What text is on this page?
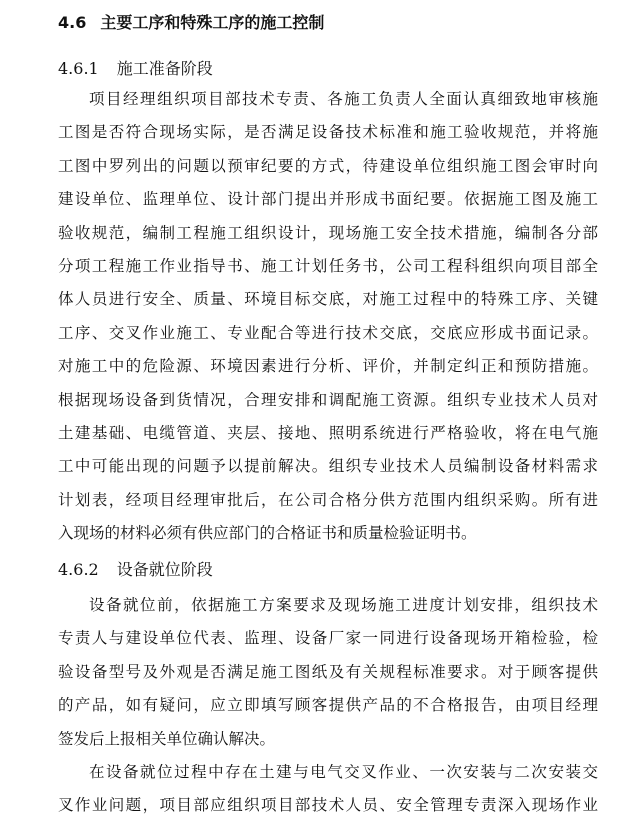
4.6 主要工序和特殊工序的施工控制
4.6.1 施工准备阶段
项目经理组织项目部技术专责、各施工负责人全面认真细致地审核施
工图是否符合现场实际，是否满足设备技术标准和施工验收规范，并将施
工图中罗列出的问题以预审纪要的方式，待建设单位组织施工图会审时向
建设单位、监理单位、设计部门提出并形成书面纪要。依据施工图及施工
验收规范，编制工程施工组织设计，现场施工安全技术措施，编制各分部
分项工程施工作业指导书、施工计划任务书，公司工程科组织向项目部全
体人员进行安全、质量、环境目标交底，对施工过程中的特殊工序、关键
工序、交叉作业施工、专业配合等进行技术交底，交底应形成书面记录。
对施工中的危险源、环境因素进行分析、评价，并制定纠正和预防措施。
根据现场设备到货情况，合理安排和调配施工资源。组织专业技术人员对
土建基础、电缆管道、夹层、接地、照明系统进行严格验收，将在电气施
工中可能出现的问题予以提前解决。组织专业技术人员编制设备材料需求
计划表，经项目经理审批后，在公司合格分供方范围内组织采购。所有进
入现场的材料必须有供应部门的合格证书和质量检验证明书。
4.6.2 设备就位阶段
设备就位前，依据施工方案要求及现场施工进度计划安排，组织技术
专责人与建设单位代表、监理、设备厂家一同进行设备现场开箱检验，检
验设备型号及外观是否满足施工图纸及有关规程标准要求。对于顾客提供
的产品，如有疑问，应立即填写顾客提供产品的不合格报告，由项目经理
签发后上报相关单位确认解决。
在设备就位过程中存在土建与电气交叉作业、一次安装与二次安装交
叉作业问题，项目部应组织项目部技术人员、安全管理专责深入现场作业
